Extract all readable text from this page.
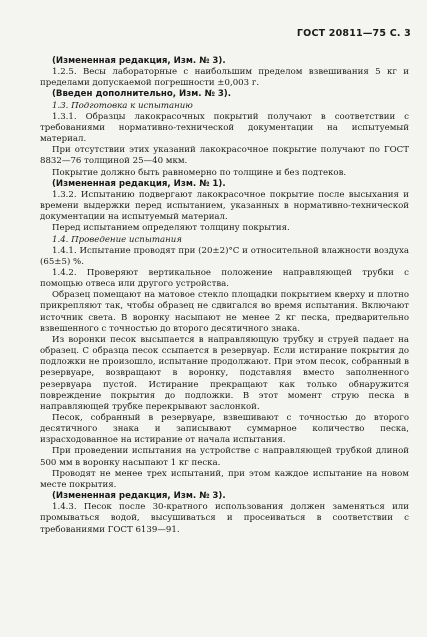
ГОСТ 20811—75 С. 3

(Измененная редакция, Изм. № 3).

1.2.5. Весы лабораторные с наибольшим пределом взвешивания 5 кг и пределами допускаемой погрешности ±0,003 г.

(Введен дополнительно, Изм. № 3).

1.3. Подготовка к испытанию

1.3.1. Образцы лакокрасочных покрытий получают в соответствии с требованиями нормативно-технической документации на испытуемый материал.

При отсутствии этих указаний лакокрасочное покрытие получают по ГОСТ 8832—76 толщиной 25—40 мкм.

Покрытие должно быть равномерно по толщине и без подтеков.

(Измененная редакция, Изм. № 1).

1.3.2. Испытанию подвергают лакокрасочное покрытие после высыхания и времени выдержки перед испытанием, указанных в нормативно-технической документации на испытуемый материал.

Перед испытанием определяют толщину покрытия.

1.4. Проведение испытания

1.4.1. Испытание проводят при (20±2)°С и относительной влажности воздуха (65±5) %.

1.4.2. Проверяют вертикальное положение направляющей трубки с помощью отвеса или другого устройства.

Образец помещают на матовое стекло площадки покрытием кверху и плотно прикрепляют так, чтобы образец не сдвигался во время испытания. Включают источник света. В воронку насыпают не менее 2 кг песка, предварительно взвешенного с точностью до второго десятичного знака.

Из воронки песок высыпается в направляющую трубку и струей падает на образец. С образца песок ссыпается в резервуар. Если истирание покрытия до подложки не произошло, испытание продолжают. При этом песок, собранный в резервуаре, возвращают в воронку, подставляя вместо заполненного резервуара пустой. Истирание прекращают как только обнаружится повреждение покрытия до подложки. В этот момент струю песка в направляющей трубке перекрывают заслонкой.

Песок, собранный в резервуаре, взвешивают с точностью до второго десятичного знака и записывают суммарное количество песка, израсходованное на истирание от начала испытания.

При проведении испытания на устройстве с направляющей трубкой длиной 500 мм в воронку насыпают 1 кг песка.

Проводят не менее трех испытаний, при этом каждое испытание на новом месте покрытия.

(Измененная редакция, Изм. № 3).

1.4.3. Песок после 30-кратного использования должен заменяться или промываться водой, высушиваться и просеиваться в соответствии с требованиями ГОСТ 6139—91.
